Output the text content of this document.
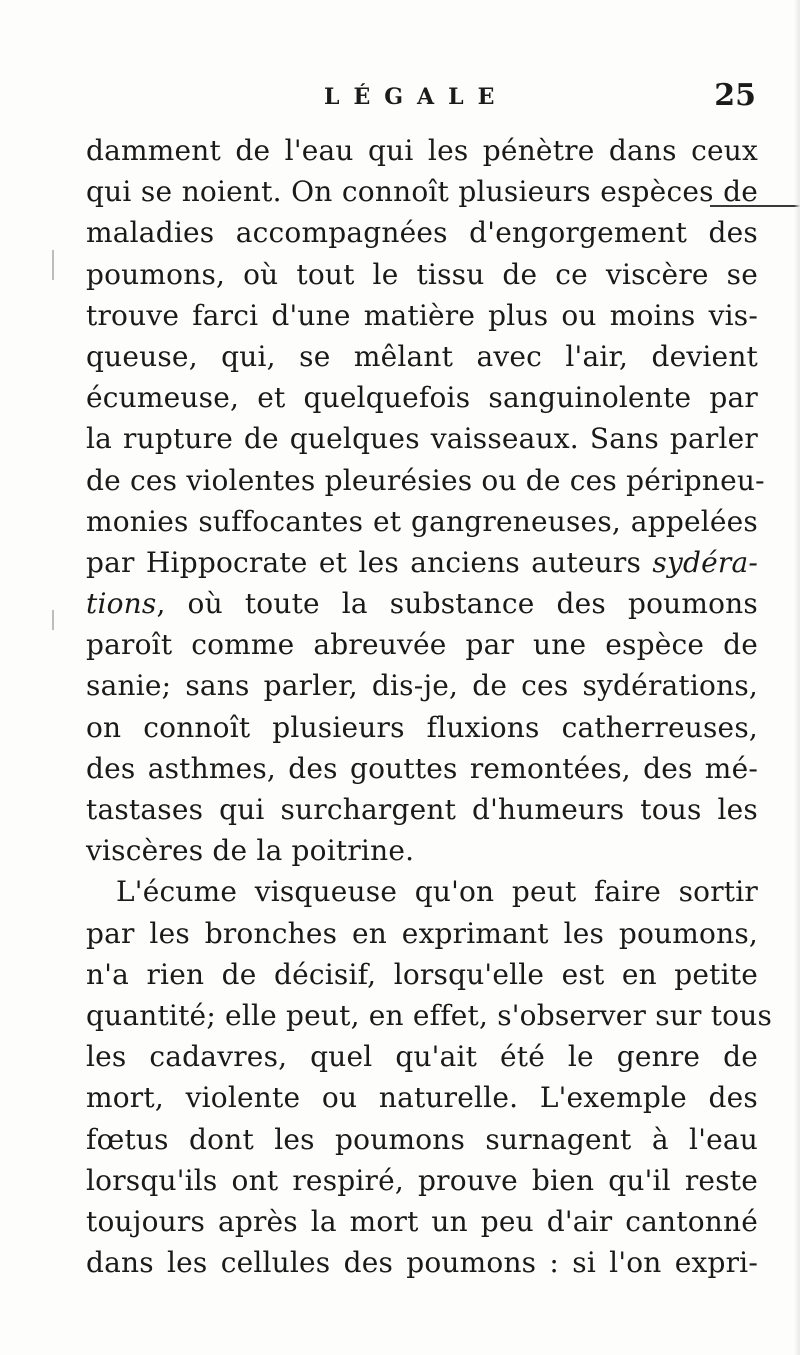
LÉGALE	25
damment de l'eau qui les pénètre dans ceux
qui se noient. On connoît plusieurs espèces de
maladies accompagnées d'engorgement des
poumons, où tout le tissu de ce viscère se
trouve farci d'une matière plus ou moins vis-
queuse, qui, se mêlant avec l'air, devient
écumeuse, et quelquefois sanguinolente par
la rupture de quelques vaisseaux. Sans parler
de ces violentes pleurésies ou de ces péripneu-
monies suffocantes et gangreneuses, appelées
par Hippocrate et les anciens auteurs sydéra-
tions, où toute la substance des poumons
paroît comme abreuvée par une espèce de
sanie; sans parler, dis-je, de ces sydérations,
on connoît plusieurs fluxions catherreuses,
des asthmes, des gouttes remontées, des mé-
tastases qui surchargent d'humeurs tous les
viscères de la poitrine.
L'écume visqueuse qu'on peut faire sortir
par les bronches en exprimant les poumons,
n'a rien de décisif, lorsqu'elle est en petite
quantité; elle peut, en effet, s'observer sur tous
les cadavres, quel qu'ait été le genre de
mort, violente ou naturelle. L'exemple des
fœtus dont les poumons surnagent à l'eau
lorsqu'ils ont respiré, prouve bien qu'il reste
toujours après la mort un peu d'air cantonné
dans les cellules des poumons : si l'on expri-
